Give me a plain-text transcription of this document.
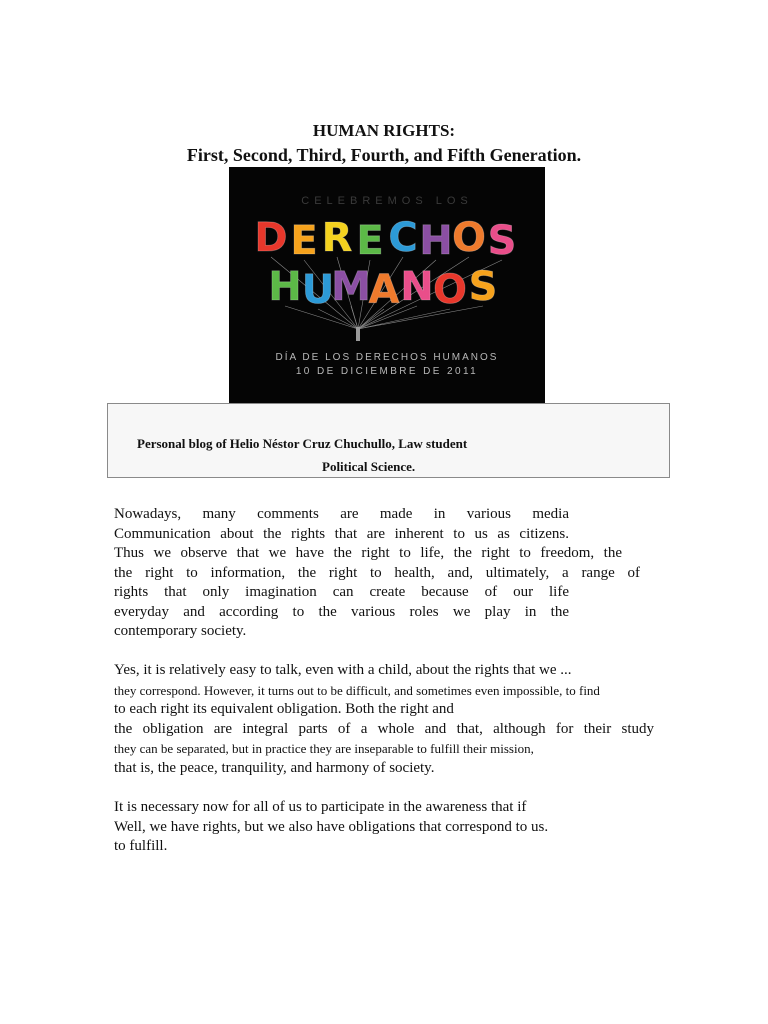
HUMAN RIGHTS:
First, Second, Third, Fourth, and Fifth Generation.
CELEBREMOS LOS
D E R E C H O S
H U
M
A N O S
DÍA DE LOS DERECHOS HUMANOS
10 DE DICIEMBRE DE 2011
Personal blog of Helio Néstor Cruz Chuchullo, Law student
Political Science.
Nowadays, many comments are made in various media
Communication about the rights that are inherent to us as citizens.
Thus we observe that we have the right to life, the right to freedom, the
the right to information, the right to health, and, ultimately, a range of
rights that only imagination can create because of our life
everyday and according to the various roles we play in the
contemporary society.
Yes, it is relatively easy to talk, even with a child, about the rights that we ...
they correspond. However, it turns out to be difficult, and sometimes even impossible, to find
to each right its equivalent obligation. Both the right and
the obligation are integral parts of a whole and that, although for their study
they can be separated, but in practice they are inseparable to fulfill their mission,
that is, the peace, tranquility, and harmony of society.
It is necessary now for all of us to participate in the awareness that if
Well, we have rights, but we also have obligations that correspond to us.
to fulfill.
